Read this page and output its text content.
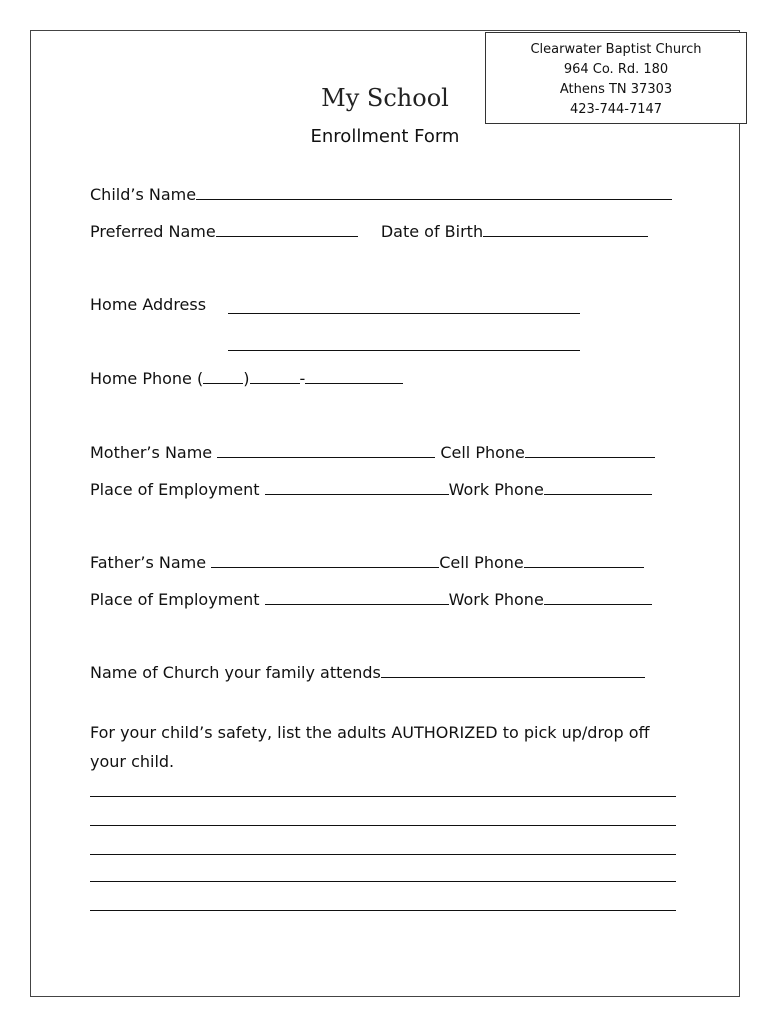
Clearwater Baptist Church
964 Co. Rd. 180
Athens TN 37303
423-744-7147
My School
Enrollment Form
Child’s Name
Preferred Name	Date of Birth
Home Address
Home Phone (	)	-
Mother’s Name	Cell Phone
Place of Employment	Work Phone
Father’s Name	Cell Phone
Place of Employment	Work Phone
Name of Church your family attends
For your child’s safety, list the adults AUTHORIZED to pick up/drop off your child.
